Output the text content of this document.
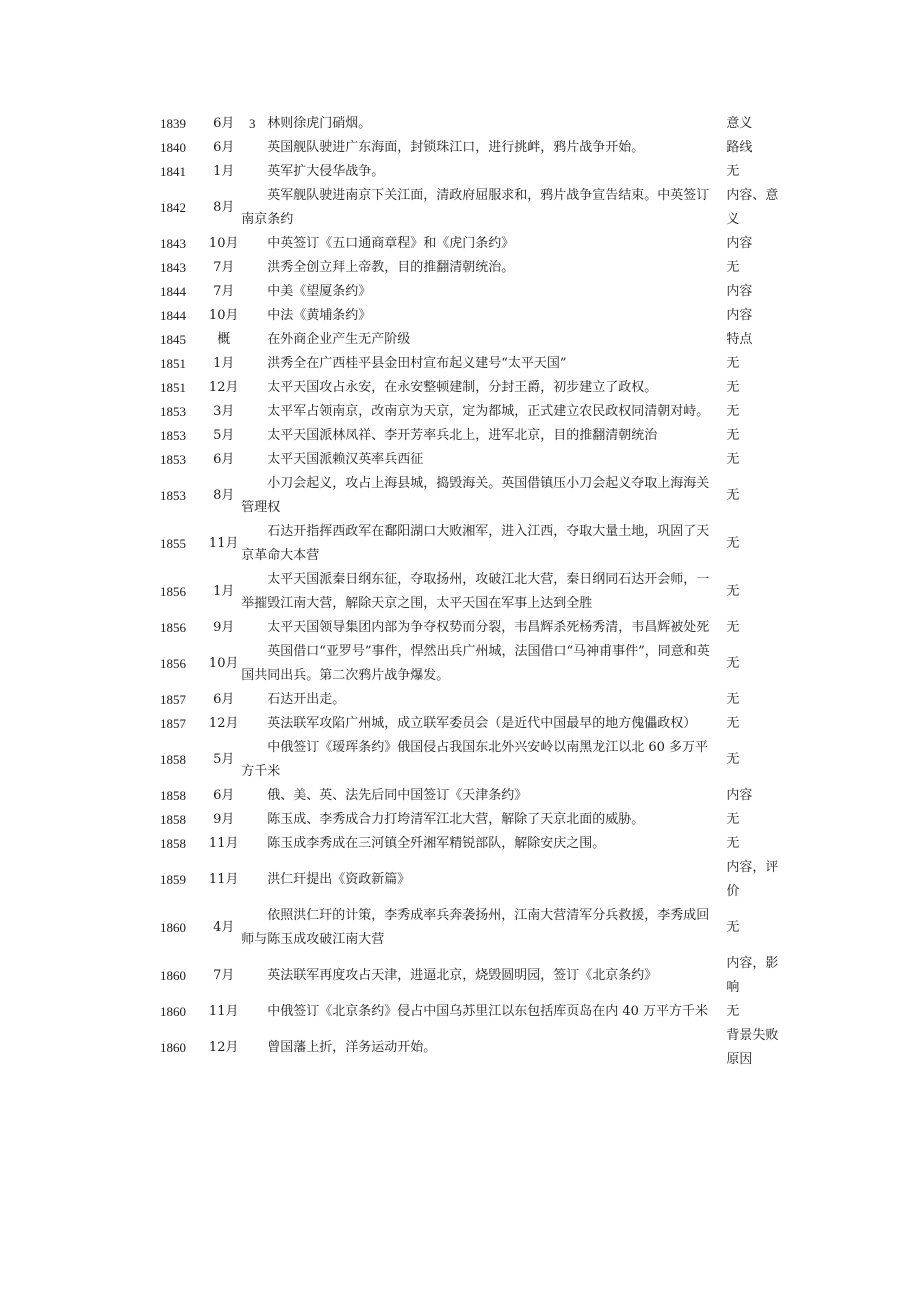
1839	6月	3	林则徐虎门硝烟。	意义

1840	6月		英国舰队驶进广东海面，封锁珠江口，进行挑衅，鸦片战争开始。	路线

1841	1月		英军扩大侵华战争。	无

1842	8月		英军舰队驶进南京下关江面，清政府屈服求和，鸦片战争宣告结束。中英签订南京条约	内容、意义

1843	10月		中英签订《五口通商章程》和《虎门条约》	内容

1843	7月		洪秀全创立拜上帝教，目的推翻清朝统治。	无

1844	7月		中美《望厦条约》	内容

1844	10月		中法《黄埔条约》	内容

1845	概		在外商企业产生无产阶级	特点

1851	1月		洪秀全在广西桂平县金田村宣布起义建号“太平天国”	无

1851	12月		太平天国攻占永安，在永安整顿建制，分封王爵，初步建立了政权。	无

1853	3月		太平军占领南京，改南京为天京，定为都城，正式建立农民政权同清朝对峙。	无

1853	5月		太平天国派林凤祥、李开芳率兵北上，进军北京，目的推翻清朝统治	无

1853	6月		太平天国派赖汉英率兵西征	无

1853	8月		小刀会起义，攻占上海县城，捣毁海关。英国借镇压小刀会起义夺取上海海关管理权	无

1855	11月		石达开指挥西政军在鄱阳湖口大败湘军，进入江西，夺取大量土地，巩固了天京革命大本营	无

1856	1月		太平天国派秦日纲东征，夺取扬州，攻破江北大营，秦日纲同石达开会师，一举摧毁江南大营，解除天京之围，太平天国在军事上达到全胜	无

1856	9月		太平天国领导集团内部为争夺权势而分裂，韦昌辉杀死杨秀清，韦昌辉被处死	无

1856	10月		英国借口“亚罗号”事件，悍然出兵广州城，法国借口“马神甫事件”，同意和英国共同出兵。第二次鸦片战争爆发。	无

1857	6月		石达开出走。	无

1857	12月		英法联军攻陷广州城，成立联军委员会（是近代中国最早的地方傀儡政权）	无

1858	5月		中俄签订《瑷珲条约》俄国侵占我国东北外兴安岭以南黑龙江以北 60 多万平方千米	无

1858	6月		俄、美、英、法先后同中国签订《天津条约》	内容

1858	9月		陈玉成、李秀成合力打垮清军江北大营，解除了天京北面的威胁。	无

1858	11月		陈玉成李秀成在三河镇全歼湘军精锐部队，解除安庆之围。	无

1859	11月		洪仁玕提出《资政新篇》	内容，评价

1860	4月		依照洪仁玕的计策，李秀成率兵奔袭扬州，江南大营清军分兵救援，李秀成回师与陈玉成攻破江南大营	无

1860	7月		英法联军再度攻占天津，进逼北京，烧毁圆明园，签订《北京条约》	内容，影响

1860	11月		中俄签订《北京条约》侵占中国乌苏里江以东包括库页岛在内 40 万平方千米	无

1860	12月		曾国藩上折，洋务运动开始。	背景失败原因
